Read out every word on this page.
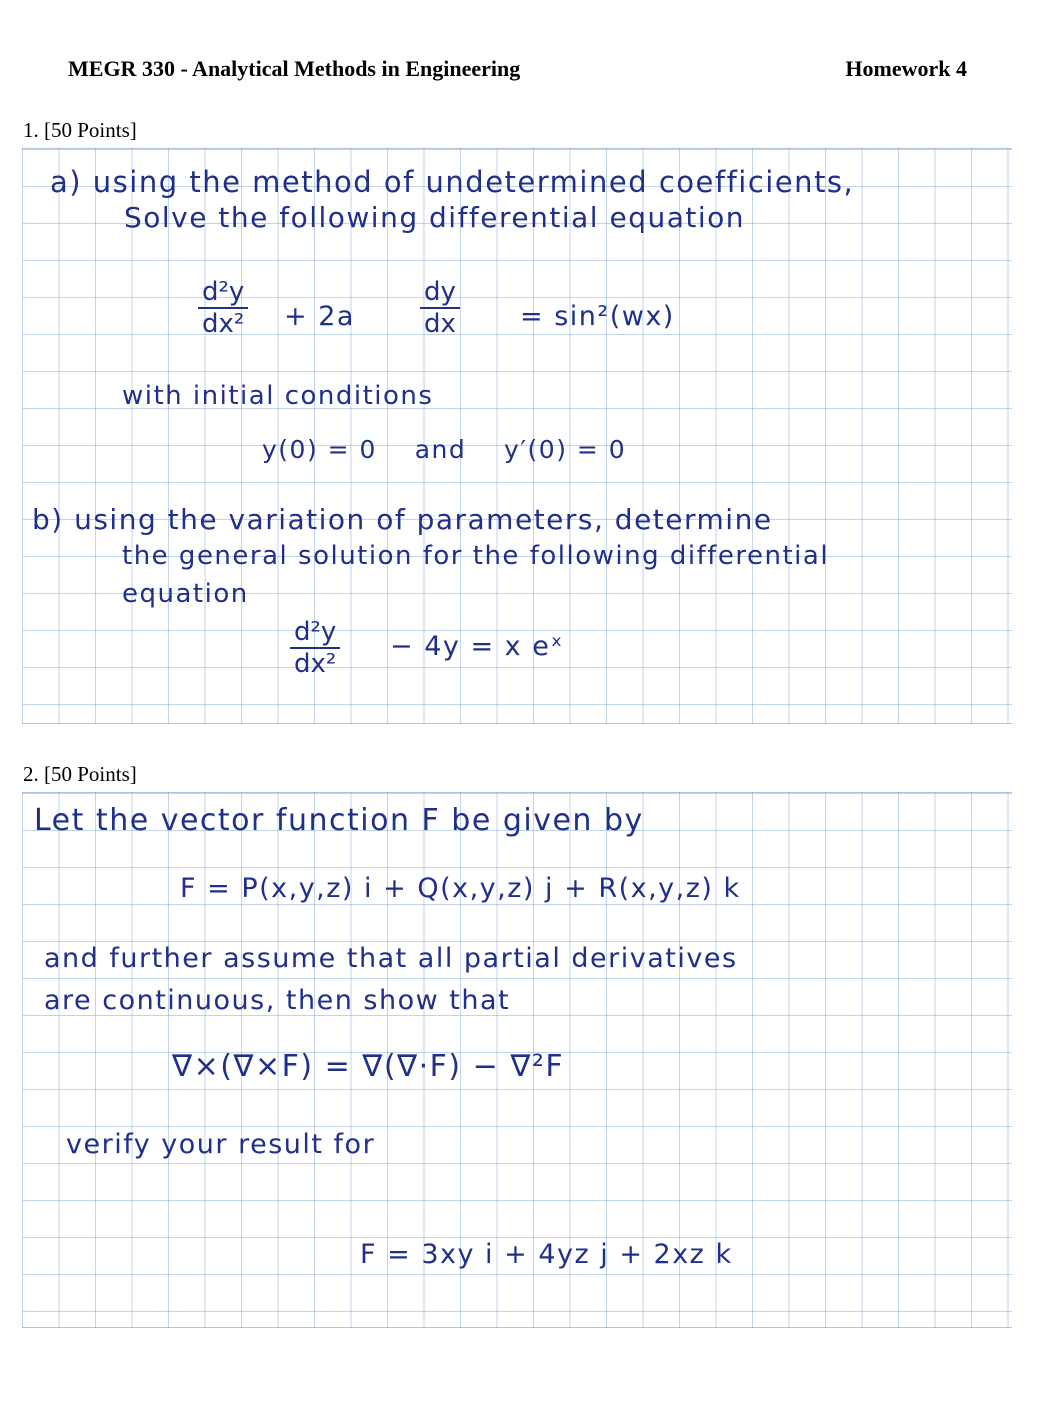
MEGR 330 - Analytical Methods in Engineering	Homework 4
1. [50 Points]
a) using the method of undetermined coefficients,
Solve the following differential equation
d²y
dx² + 2a
dy
dx = sin²(wx)
with initial conditions
y(0) = 0    and    y′(0) = 0
b) using the variation of parameters, determine
the general solution for the following differential
equation
d²y
dx²
− 4y = x eˣ
2. [50 Points]
Let the vector function F be given by
F = P(x,y,z) i + Q(x,y,z) j + R(x,y,z) k
and further assume that all partial derivatives
are continuous, then show that
∇×(∇×F) = ∇(∇·F) − ∇²F
verify your result for
F = 3xy i + 4yz j + 2xz k
